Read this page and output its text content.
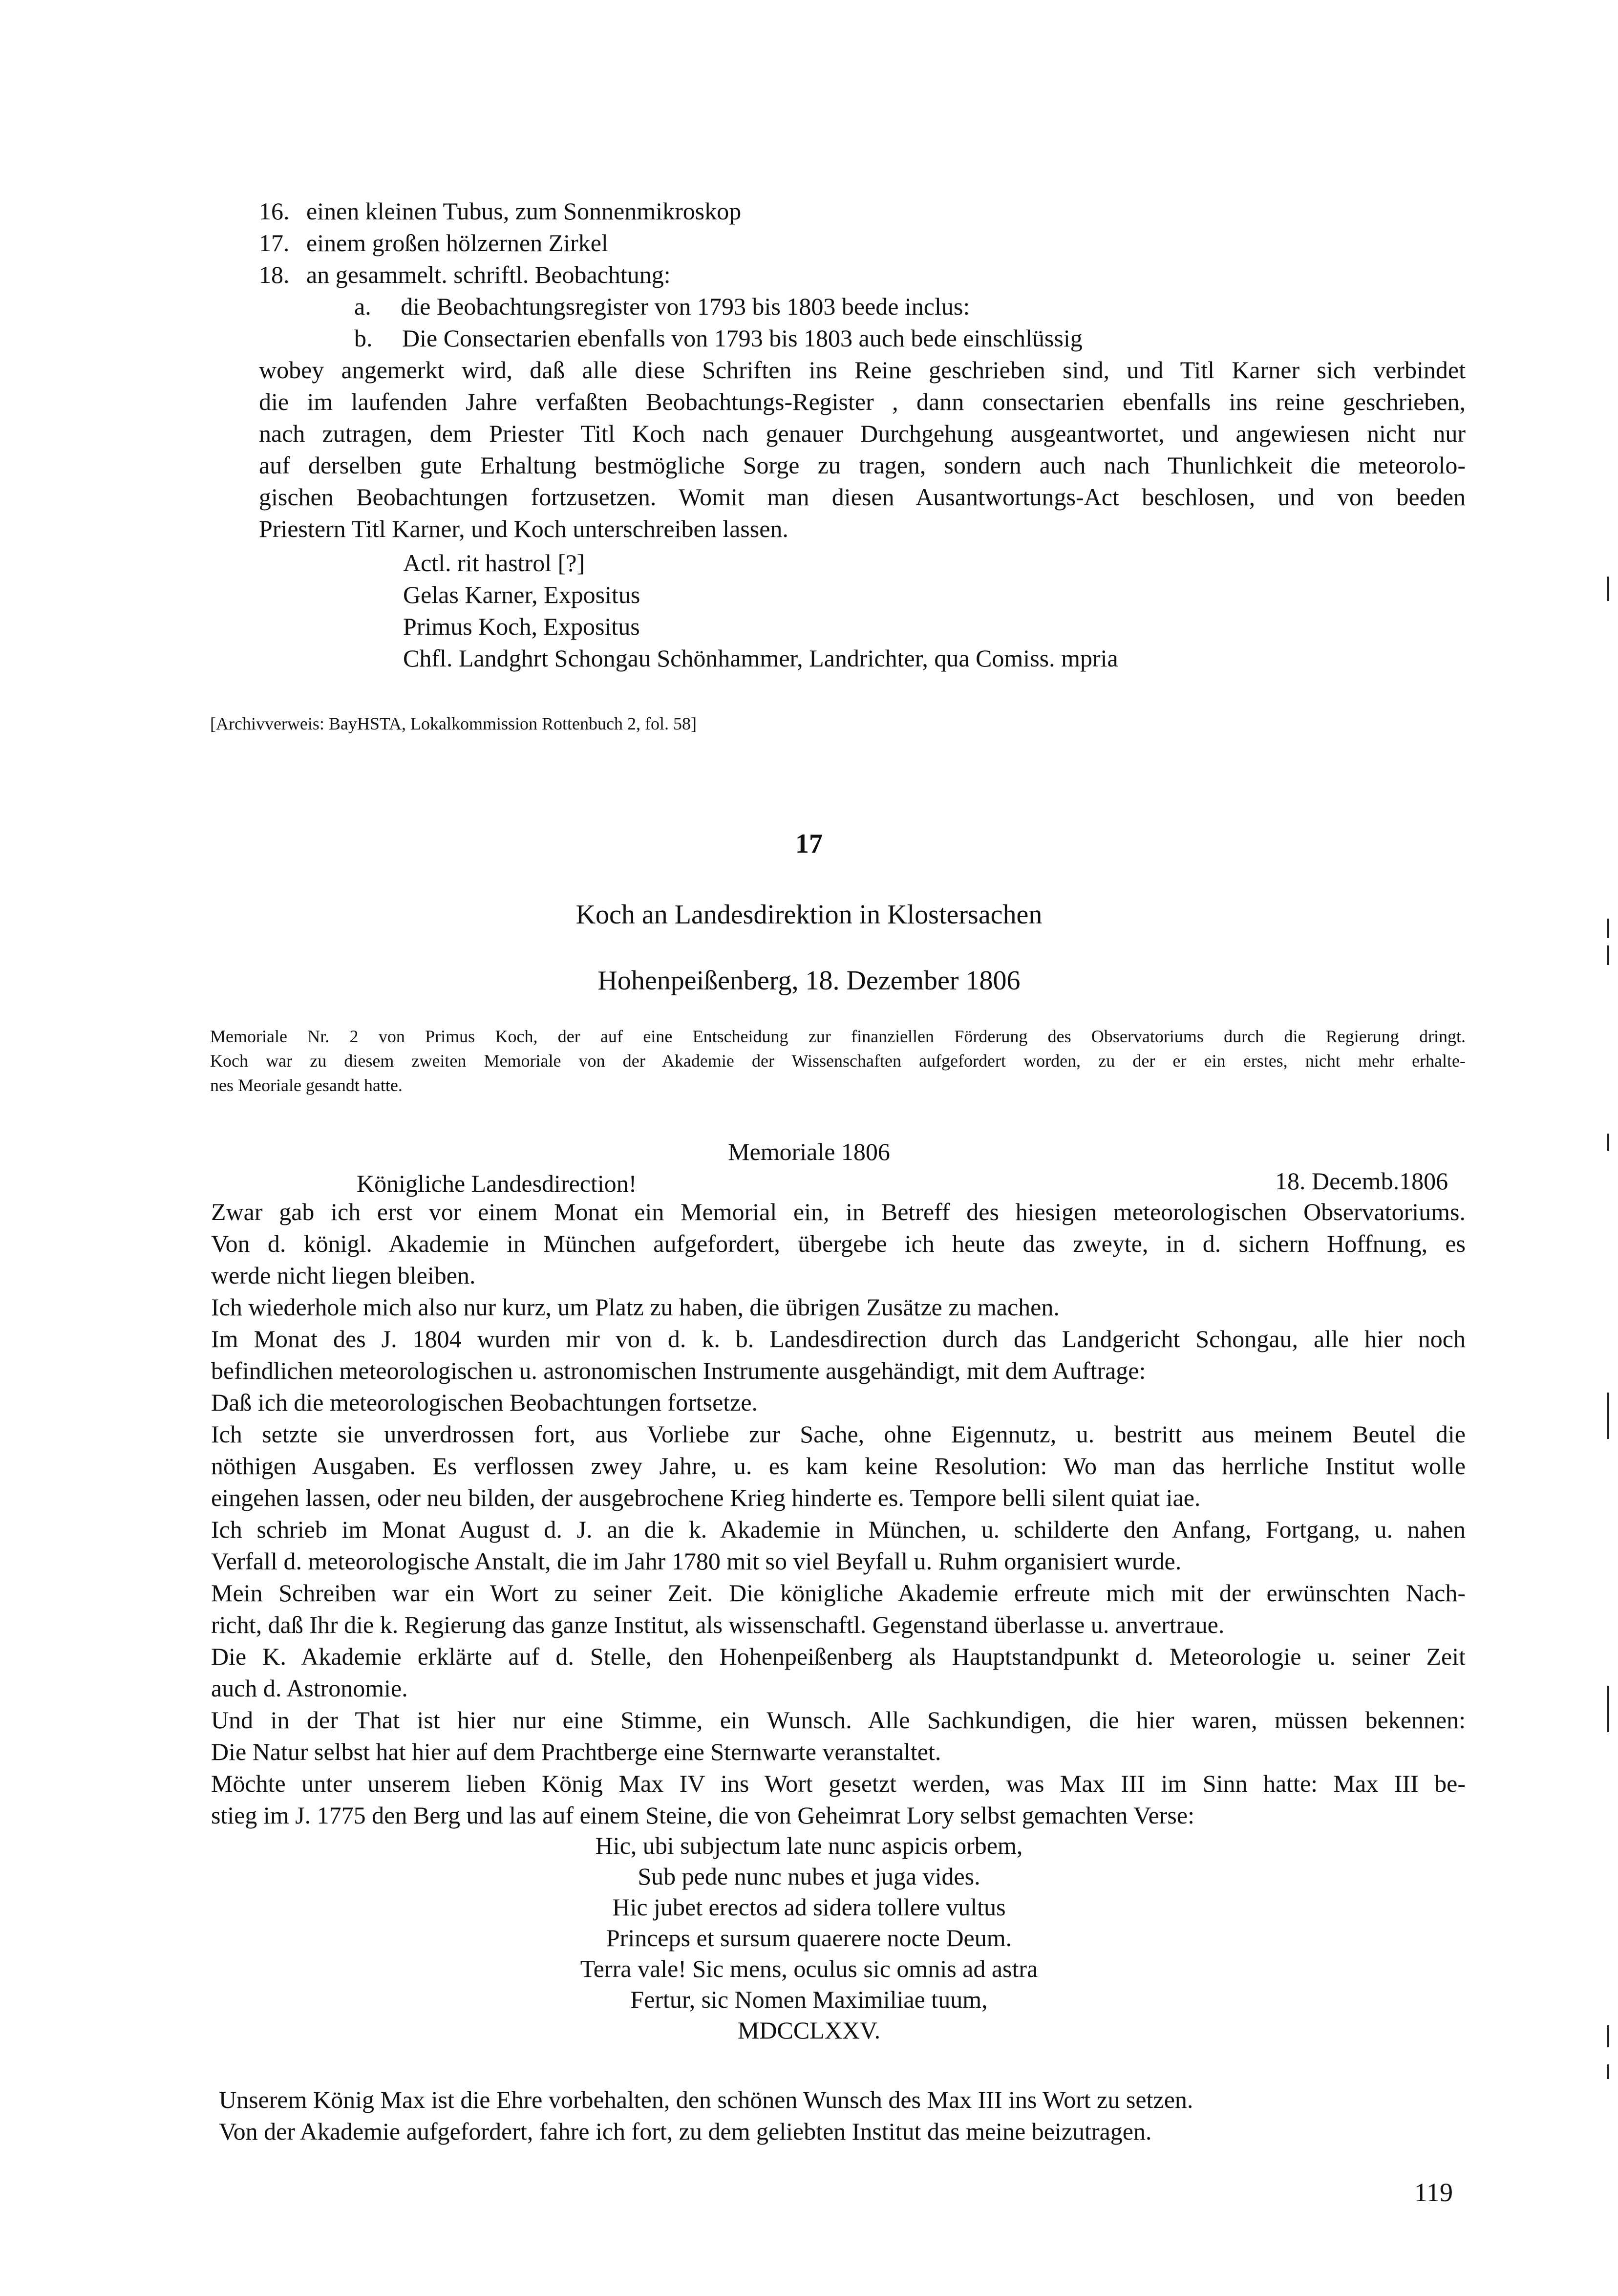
16. einen kleinen Tubus, zum Sonnenmikroskop
17. einem großen hölzernen Zirkel
18. an gesammelt. schriftl. Beobachtung:
a. die Beobachtungsregister von 1793 bis 1803 beede inclus:
b. Die Consectarien ebenfalls von 1793 bis 1803 auch bede einschlüssig
wobey angemerkt wird, daß alle diese Schriften ins Reine geschrieben sind, und Titl Karner sich verbindet
die im laufenden Jahre verfaßten Beobachtungs-Register , dann consectarien ebenfalls ins reine geschrieben,
nach zutragen, dem Priester Titl Koch nach genauer Durchgehung ausgeantwortet, und angewiesen nicht nur
auf derselben gute Erhaltung bestmögliche Sorge zu tragen, sondern auch nach Thunlichkeit die meteorolo-
gischen Beobachtungen fortzusetzen. Womit man diesen Ausantwortungs-Act beschlosen, und von beeden
Priestern Titl Karner, und Koch unterschreiben lassen.
Actl. rit hastrol [?]
Gelas Karner, Expositus
Primus Koch, Expositus
Chfl. Landghrt Schongau Schönhammer, Landrichter, qua Comiss. mpria
[Archivverweis: BayHSTA, Lokalkommission Rottenbuch 2, fol. 58]
17
Koch an Landesdirektion in Klostersachen
Hohenpeißenberg, 18. Dezember 1806
Memoriale Nr. 2 von Primus Koch, der auf eine Entscheidung zur finanziellen Förderung des Observatoriums durch die Regierung dringt.
Koch war zu diesem zweiten Memoriale von der Akademie der Wissenschaften aufgefordert worden, zu der er ein erstes, nicht mehr erhalte-
nes Meoriale gesandt hatte.
Memoriale 1806
Königliche Landesdirection!	18. Decemb.1806
Zwar gab ich erst vor einem Monat ein Memorial ein, in Betreff des hiesigen meteorologischen Observatoriums.
Von d. königl. Akademie in München aufgefordert, übergebe ich heute das zweyte, in d. sichern Hoffnung, es
werde nicht liegen bleiben.
Ich wiederhole mich also nur kurz, um Platz zu haben, die übrigen Zusätze zu machen.
Im Monat des J. 1804 wurden mir von d. k. b. Landesdirection durch das Landgericht Schongau, alle hier noch
befindlichen meteorologischen u. astronomischen Instrumente ausgehändigt, mit dem Auftrage:
Daß ich die meteorologischen Beobachtungen fortsetze.
Ich setzte sie unverdrossen fort, aus Vorliebe zur Sache, ohne Eigennutz, u. bestritt aus meinem Beutel die
nöthigen Ausgaben. Es verflossen zwey Jahre, u. es kam keine Resolution: Wo man das herrliche Institut wolle
eingehen lassen, oder neu bilden, der ausgebrochene Krieg hinderte es. Tempore belli silent quiat iae.
Ich schrieb im Monat August d. J. an die k. Akademie in München, u. schilderte den Anfang, Fortgang, u. nahen
Verfall d. meteorologische Anstalt, die im Jahr 1780 mit so viel Beyfall u. Ruhm organisiert wurde.
Mein Schreiben war ein Wort zu seiner Zeit. Die königliche Akademie erfreute mich mit der erwünschten Nach-
richt, daß Ihr die k. Regierung das ganze Institut, als wissenschaftl. Gegenstand überlasse u. anvertraue.
Die K. Akademie erklärte auf d. Stelle, den Hohenpeißenberg als Hauptstandpunkt d. Meteorologie u. seiner Zeit
auch d. Astronomie.
Und in der That ist hier nur eine Stimme, ein Wunsch. Alle Sachkundigen, die hier waren, müssen bekennen:
Die Natur selbst hat hier auf dem Prachtberge eine Sternwarte veranstaltet.
Möchte unter unserem lieben König Max IV ins Wort gesetzt werden, was Max III im Sinn hatte: Max III be-
stieg im J. 1775 den Berg und las auf einem Steine, die von Geheimrat Lory selbst gemachten Verse:
Hic, ubi subjectum late nunc aspicis orbem,
Sub pede nunc nubes et juga vides.
Hic jubet erectos ad sidera tollere vultus
Princeps et sursum quaerere nocte Deum.
Terra vale! Sic mens, oculus sic omnis ad astra
Fertur, sic Nomen Maximiliae tuum,
MDCCLXXV.
Unserem König Max ist die Ehre vorbehalten, den schönen Wunsch des Max III ins Wort zu setzen.
Von der Akademie aufgefordert, fahre ich fort, zu dem geliebten Institut das meine beizutragen.
119
